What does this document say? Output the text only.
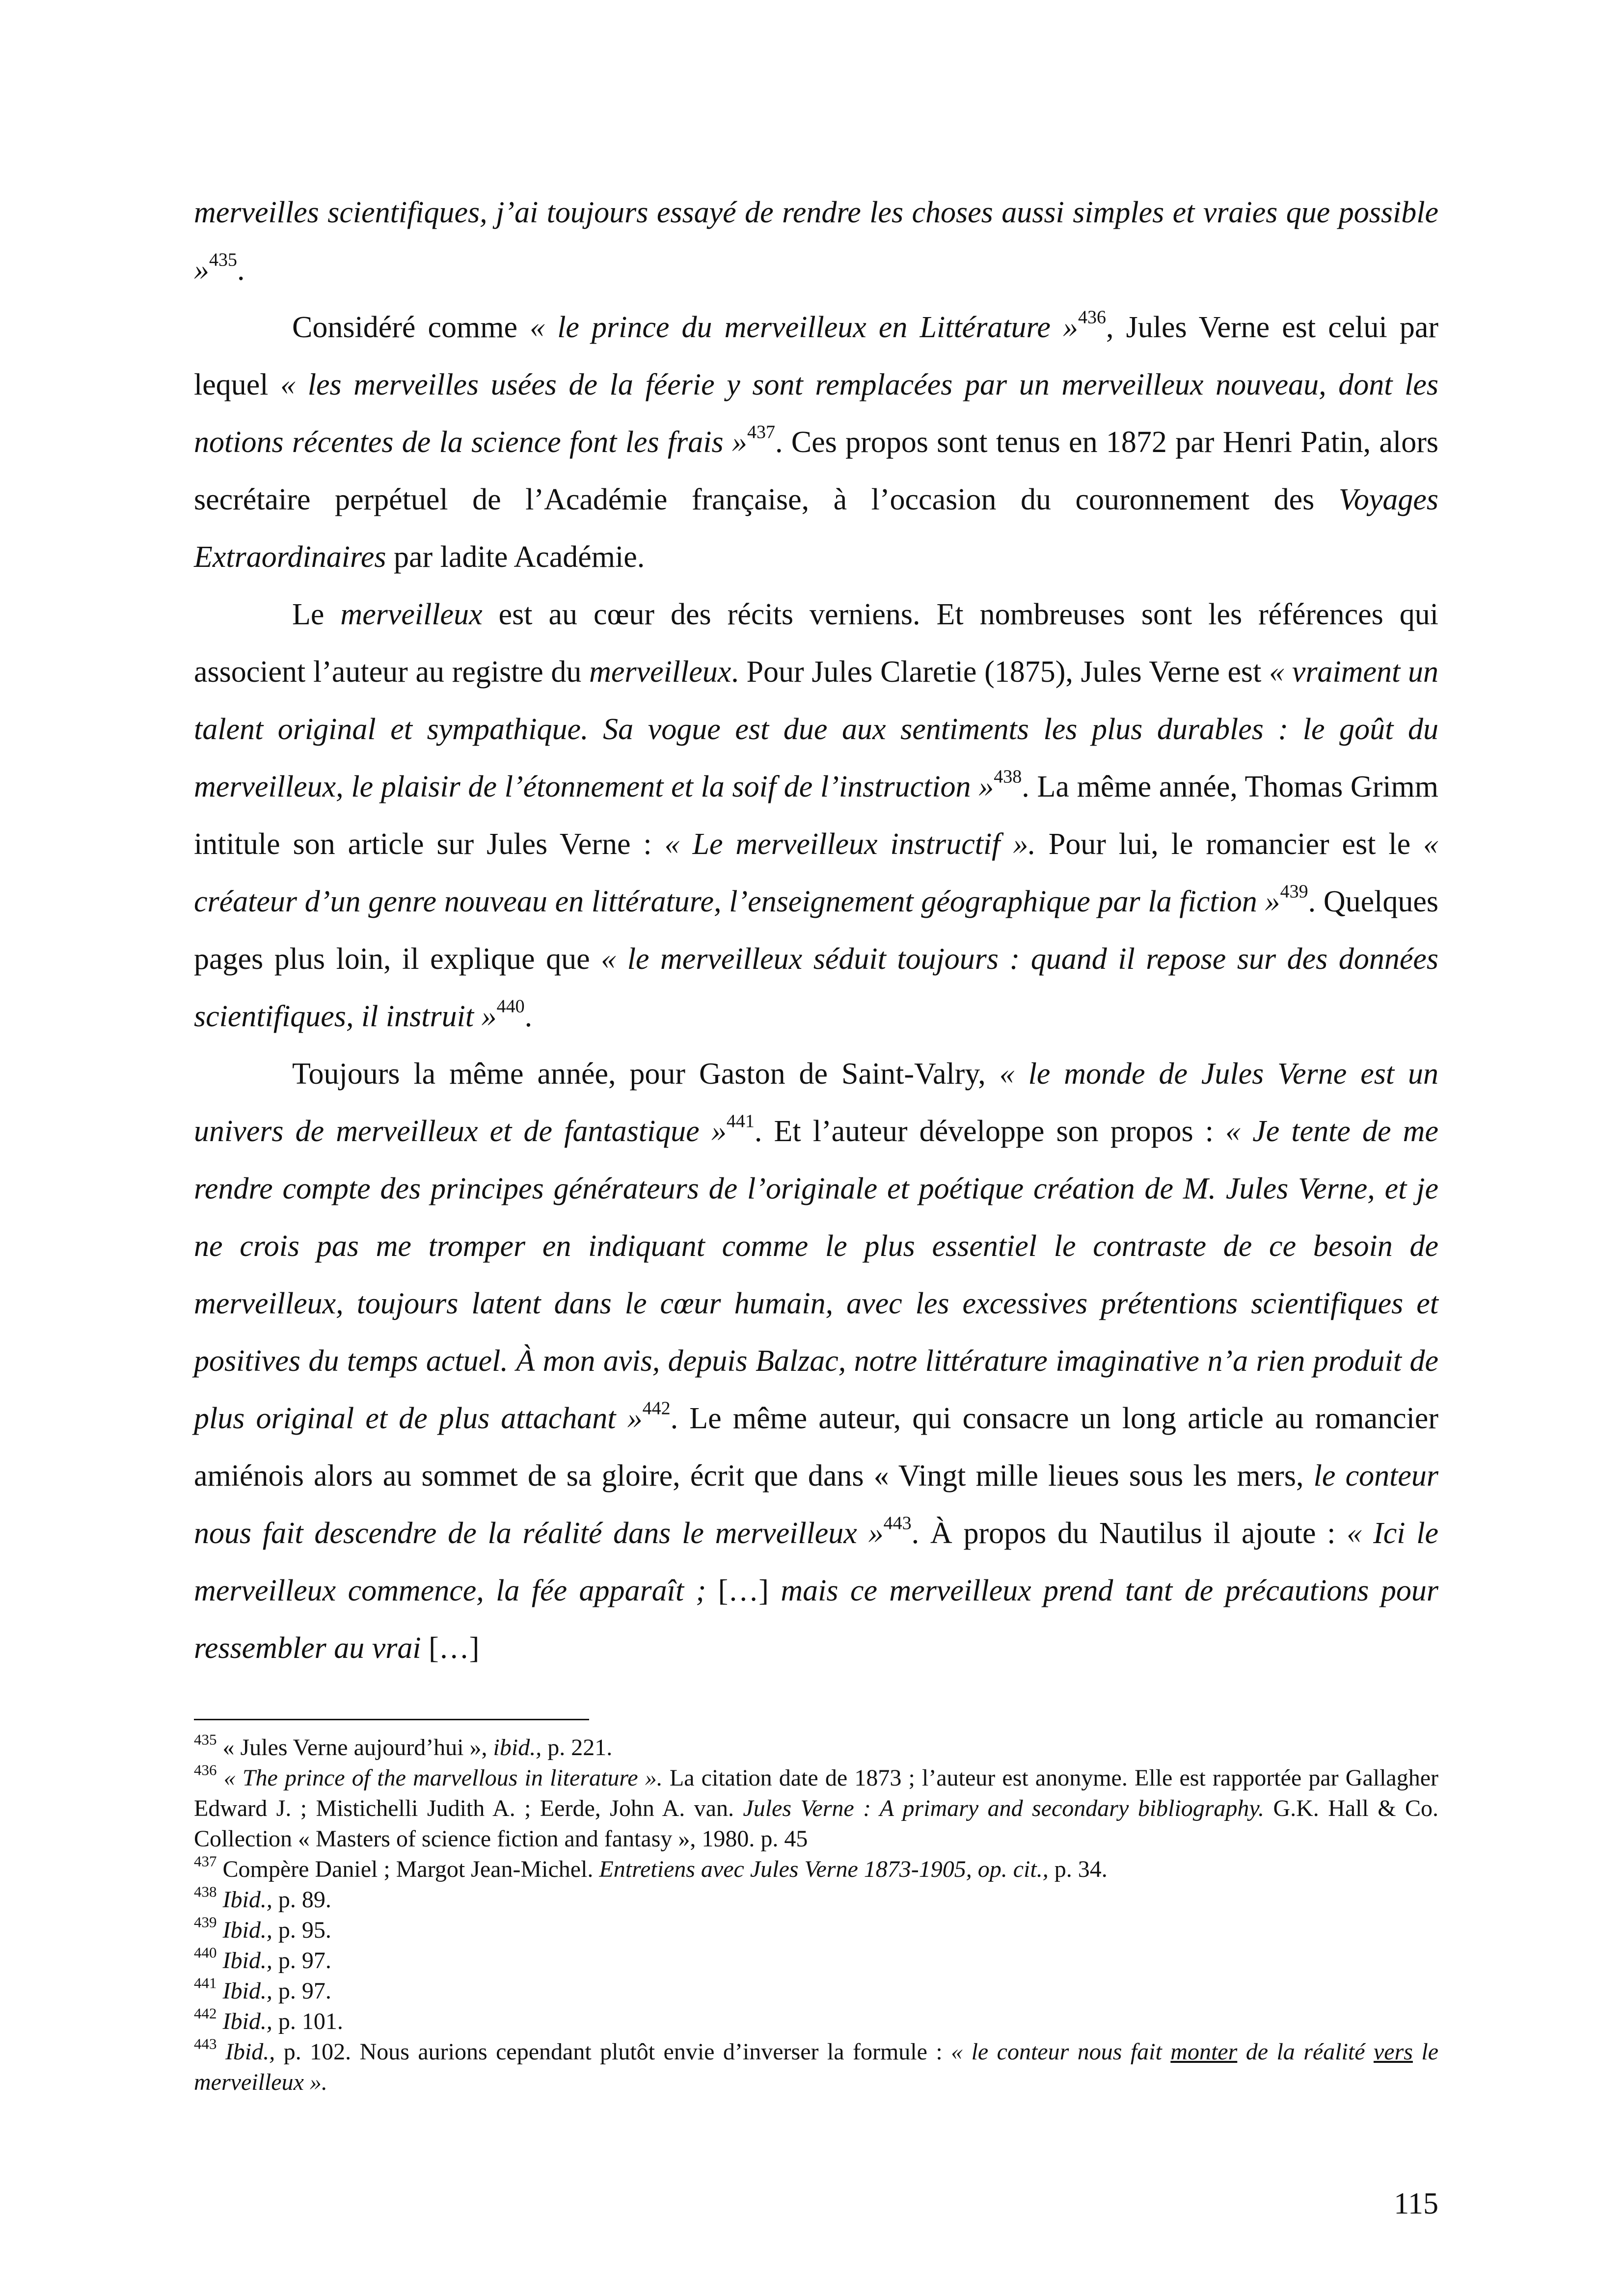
merveilles scientifiques, j’ai toujours essayé de rendre les choses aussi simples et vraies que possible »$^{435}$.

Considéré comme « le prince du merveilleux en Littérature »$^{436}$, Jules Verne est celui par lequel « les merveilles usées de la féerie y sont remplacées par un merveilleux nouveau, dont les notions récentes de la science font les frais »$^{437}$. Ces propos sont tenus en 1872 par Henri Patin, alors secrétaire perpétuel de l’Académie française, à l’occasion du couronnement des Voyages Extraordinaires par ladite Académie.

Le merveilleux est au cœur des récits verniens. Et nombreuses sont les références qui associent l’auteur au registre du merveilleux. Pour Jules Claretie (1875), Jules Verne est « vraiment un talent original et sympathique. Sa vogue est due aux sentiments les plus durables : le goût du merveilleux, le plaisir de l’étonnement et la soif de l’instruction »$^{438}$. La même année, Thomas Grimm intitule son article sur Jules Verne : « Le merveilleux instructif ». Pour lui, le romancier est le « créateur d’un genre nouveau en littérature, l’enseignement géographique par la fiction »$^{439}$. Quelques pages plus loin, il explique que « le merveilleux séduit toujours : quand il repose sur des données scientifiques, il instruit »$^{440}$.

Toujours la même année, pour Gaston de Saint-Valry, « le monde de Jules Verne est un univers de merveilleux et de fantastique »$^{441}$. Et l’auteur développe son propos : « Je tente de me rendre compte des principes générateurs de l’originale et poétique création de M. Jules Verne, et je ne crois pas me tromper en indiquant comme le plus essentiel le contraste de ce besoin de merveilleux, toujours latent dans le cœur humain, avec les excessives prétentions scientifiques et positives du temps actuel. À mon avis, depuis Balzac, notre littérature imaginative n’a rien produit de plus original et de plus attachant »$^{442}$. Le même auteur, qui consacre un long article au romancier amiénois alors au sommet de sa gloire, écrit que dans « Vingt mille lieues sous les mers, le conteur nous fait descendre de la réalité dans le merveilleux »$^{443}$. À propos du Nautilus il ajoute : « Ici le merveilleux commence, la fée apparaît ; […] mais ce merveilleux prend tant de précautions pour ressembler au vrai […]

$^{435}$ « Jules Verne aujourd’hui », ibid., p. 221.
$^{436}$ « The prince of the marvellous in literature ». La citation date de 1873 ; l’auteur est anonyme. Elle est rapportée par Gallagher Edward J. ; Mistichelli Judith A. ; Eerde, John A. van. Jules Verne : A primary and secondary bibliography. G.K. Hall & Co. Collection « Masters of science fiction and fantasy », 1980. p. 45
$^{437}$ Compère Daniel ; Margot Jean-Michel. Entretiens avec Jules Verne 1873-1905, op. cit., p. 34.
$^{438}$ Ibid., p. 89.
$^{439}$ Ibid., p. 95.
$^{440}$ Ibid., p. 97.
$^{441}$ Ibid., p. 97.
$^{442}$ Ibid., p. 101.
$^{443}$ Ibid., p. 102. Nous aurions cependant plutôt envie d’inverser la formule : « le conteur nous fait monter de la réalité vers le merveilleux ».
115
